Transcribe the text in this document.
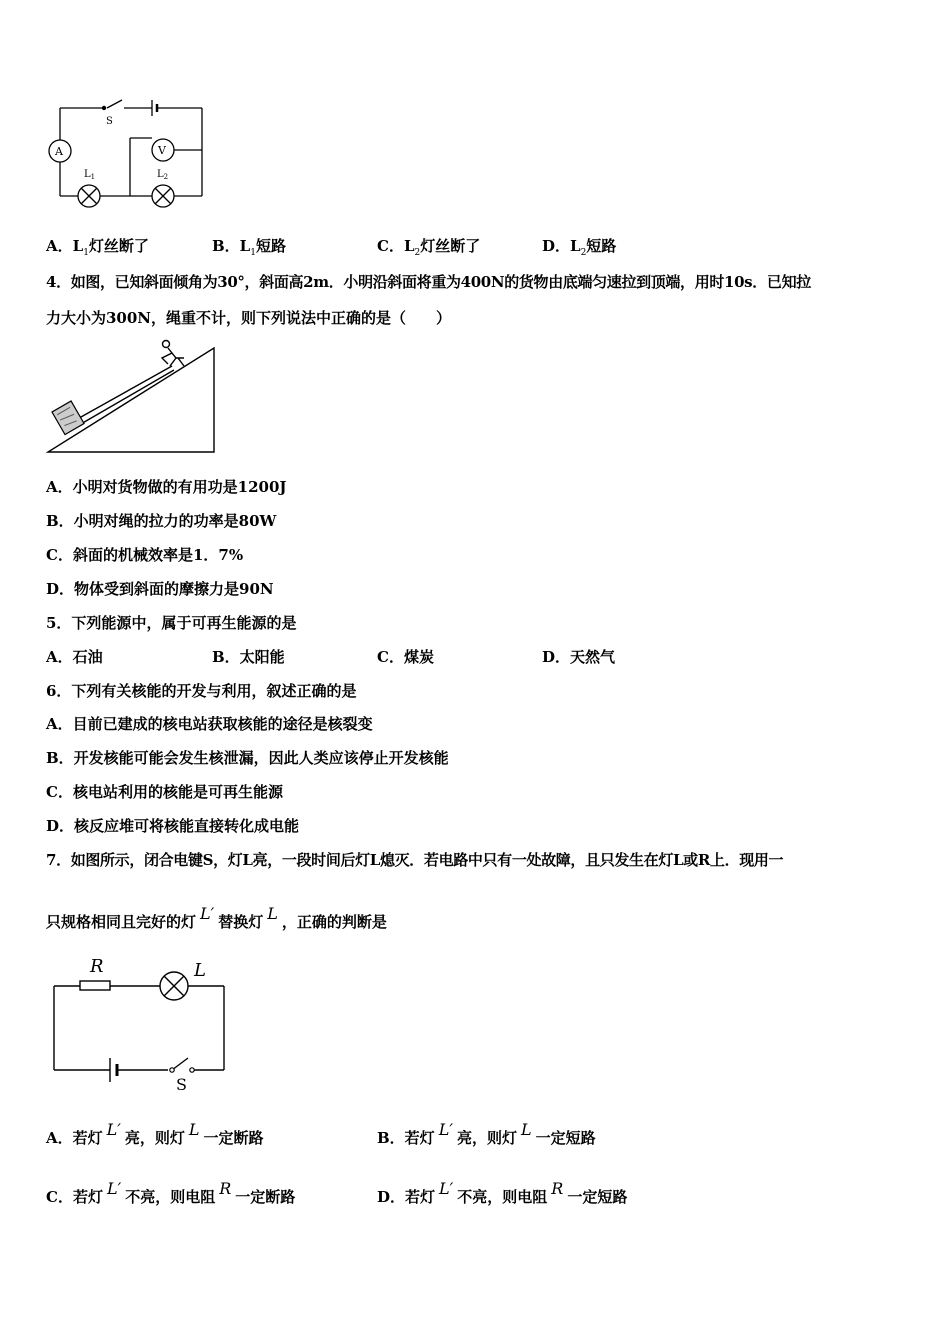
S
A	V
$L_1$	$L_2$
A．$L_1$灯丝断了	B．$L_1$短路	C．$L_2$灯丝断了	D．$L_2$短路
4．如图，已知斜面倾角为30°，斜面高2m．小明沿斜面将重为400N的货物由底端匀速拉到顶端，用时10s．已知拉
力大小为300N，绳重不计，则下列说法中正确的是（　　）
A．小明对货物做的有用功是1200J
B．小明对绳的拉力的功率是80W
C．斜面的机械效率是1．7%
D．物体受到斜面的摩擦力是90N
5．下列能源中，属于可再生能源的是
A．石油	B．太阳能	C．煤炭	D．天然气
6．下列有关核能的开发与利用，叙述正确的是
A．目前已建成的核电站获取核能的途径是核裂变
B．开发核能可能会发生核泄漏，因此人类应该停止开发核能
C．核电站利用的核能是可再生能源
D．核反应堆可将核能直接转化成电能
7．如图所示，闭合电键S，灯L亮，一段时间后灯L熄灭．若电路中只有一处故障，且只发生在灯L或R上．现用一
只规格相同且完好的灯 L′ 替换灯 L ，正确的判断是
R	L
S
A．若灯 L′ 亮，则灯 L 一定断路	B．若灯 L′ 亮，则灯 L 一定短路
C．若灯 L′ 不亮，则电阻 R 一定断路	D．若灯 L′ 不亮，则电阻 R 一定短路
